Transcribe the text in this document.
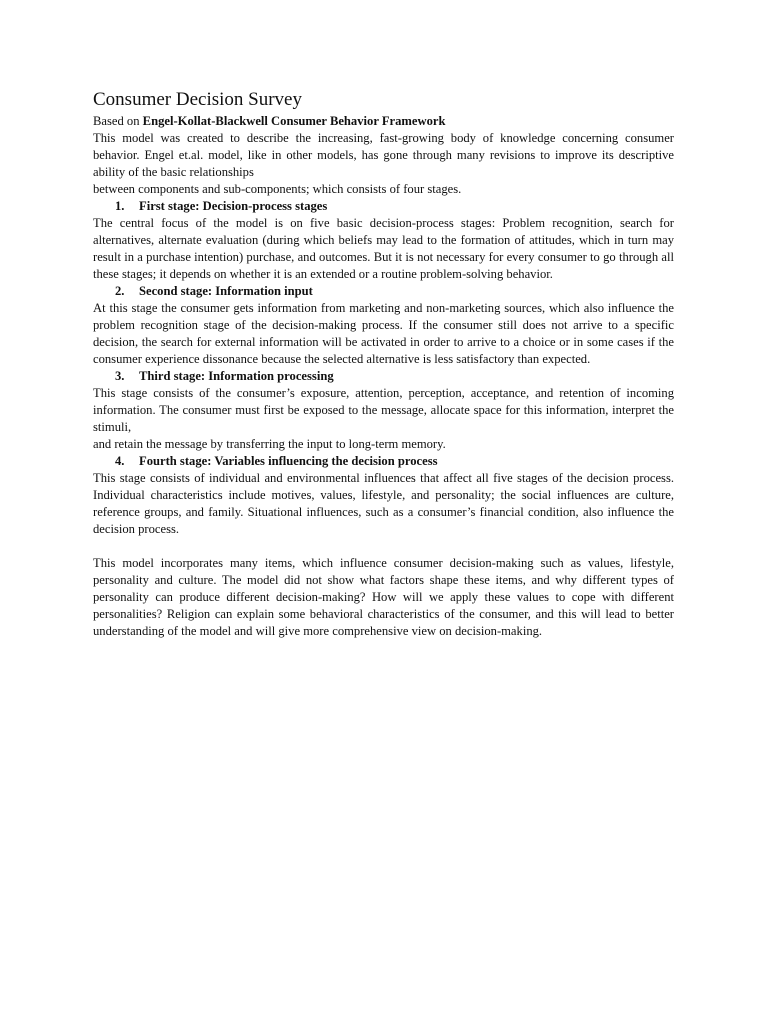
Consumer Decision Survey

Based on Engel-Kollat-Blackwell Consumer Behavior Framework

This model was created to describe the increasing, fast-growing body of knowledge concerning consumer behavior. Engel et.al. model, like in other models, has gone through many revisions to improve its descriptive ability of the basic relationships

between components and sub-components; which consists of four stages.

1.	First stage: Decision-process stages

The central focus of the model is on five basic decision-process stages: Problem recognition, search for alternatives, alternate evaluation (during which beliefs may lead to the formation of attitudes, which in turn may result in a purchase intention) purchase, and outcomes. But it is not necessary for every consumer to go through all these stages; it depends on whether it is an extended or a routine problem-solving behavior.

2.	Second stage: Information input

At this stage the consumer gets information from marketing and non-marketing sources, which also influence the problem recognition stage of the decision-making process. If the consumer still does not arrive to a specific decision, the search for external information will be activated in order to arrive to a choice or in some cases if the consumer experience dissonance because the selected alternative is less satisfactory than expected.

3.	Third stage: Information processing

This stage consists of the consumer’s exposure, attention, perception, acceptance, and retention of incoming information. The consumer must first be exposed to the message, allocate space for this information, interpret the stimuli,

and retain the message by transferring the input to long-term memory.

4.	Fourth stage: Variables influencing the decision process

This stage consists of individual and environmental influences that affect all five stages of the decision process. Individual characteristics include motives, values, lifestyle, and personality; the social influences are culture, reference groups, and family. Situational influences, such as a consumer’s financial condition, also influence the decision process.

This model incorporates many items, which influence consumer decision-making such as values, lifestyle, personality and culture. The model did not show what factors shape these items, and why different types of personality can produce different decision-making? How will we apply these values to cope with different personalities? Religion can explain some behavioral characteristics of the consumer, and this will lead to better understanding of the model and will give more comprehensive view on decision-making.
